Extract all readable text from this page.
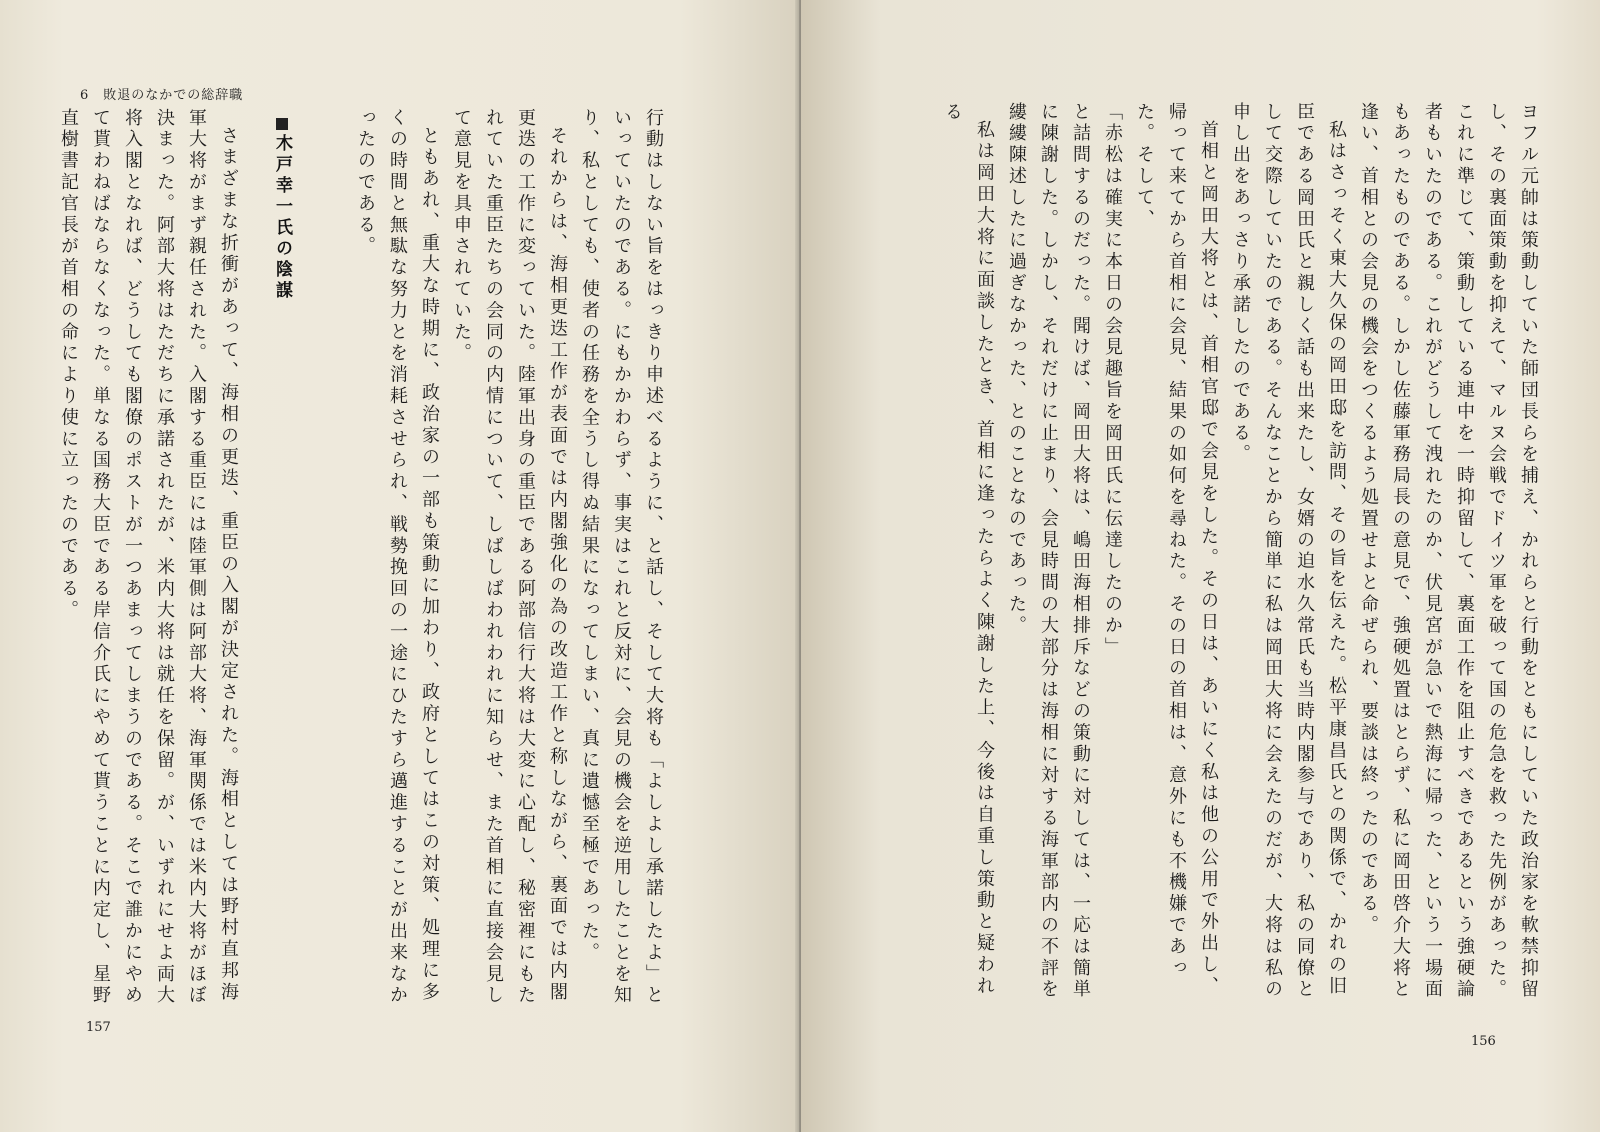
6　敗退のなかでの総辞職

行動はしない旨をはっきり申述べるように、と話し、そして大将も「よしよし承諾したよ」といっていたのである。にもかかわらず、事実はこれと反対に、会見の機会を逆用したことを知り、私としても、使者の任務を全うし得ぬ結果になってしまい、真に遺憾至極であった。

それからは、海相更迭工作が表面では内閣強化の為の改造工作と称しながら、裏面では内閣更迭の工作に変っていた。陸軍出身の重臣である阿部信行大将は大変に心配し、秘密裡にもたれていた重臣たちの会同の内情について、しばしばわれわれに知らせ、また首相に直接会見して意見を具申されていた。

ともあれ、重大な時期に、政治家の一部も策動に加わり、政府としてはこの対策、処理に多くの時間と無駄な努力とを消耗させられ、戦勢挽回の一途にひたすら邁進することが出来なかったのである。

木戸幸一氏の陰謀

さまざまな折衝があって、海相の更迭、重臣の入閣が決定された。海相としては野村直邦海軍大将がまず親任された。入閣する重臣には陸軍側は阿部大将、海軍関係では米内大将がほぼ決まった。阿部大将はただちに承諾されたが、米内大将は就任を保留。が、いずれにせよ両大将入閣となれば、どうしても閣僚のポストが一つあまってしまうのである。そこで誰かにやめて貰わねばならなくなった。単なる国務大臣である岸信介氏にやめて貰うことに内定し、星野直樹書記官長が首相の命により使に立ったのである。

157

ヨフル元帥は策動していた師団長らを捕え、かれらと行動をともにしていた政治家を軟禁抑留し、その裏面策動を抑えて、マルヌ会戦でドイツ軍を破って国の危急を救った先例があった。これに準じて、策動している連中を一時抑留して、裏面工作を阻止すべきであるという強硬論者もいたのである。これがどうして洩れたのか、伏見宮が急いで熱海に帰った、という一場面もあったものである。しかし佐藤軍務局長の意見で、強硬処置はとらず、私に岡田啓介大将と逢い、首相との会見の機会をつくるよう処置せよと命ぜられ、要談は終ったのである。

私はさっそく東大久保の岡田邸を訪問、その旨を伝えた。松平康昌氏との関係で、かれの旧臣である岡田氏と親しく話も出来たし、女婿の迫水久常氏も当時内閣参与であり、私の同僚として交際していたのである。そんなことから簡単に私は岡田大将に会えたのだが、大将は私の申し出をあっさり承諾したのである。

首相と岡田大将とは、首相官邸で会見をした。その日は、あいにく私は他の公用で外出し、帰って来てから首相に会見、結果の如何を尋ねた。その日の首相は、意外にも不機嫌であった。そして、

「赤松は確実に本日の会見趣旨を岡田氏に伝達したのか」

と詰問するのだった。聞けば、岡田大将は、嶋田海相排斥などの策動に対しては、一応は簡単に陳謝した。しかし、それだけに止まり、会見時間の大部分は海相に対する海軍部内の不評を縷縷陳述したに過ぎなかった、とのことなのであった。

私は岡田大将に面談したとき、首相に逢ったらよく陳謝した上、今後は自重し策動と疑われる

156
